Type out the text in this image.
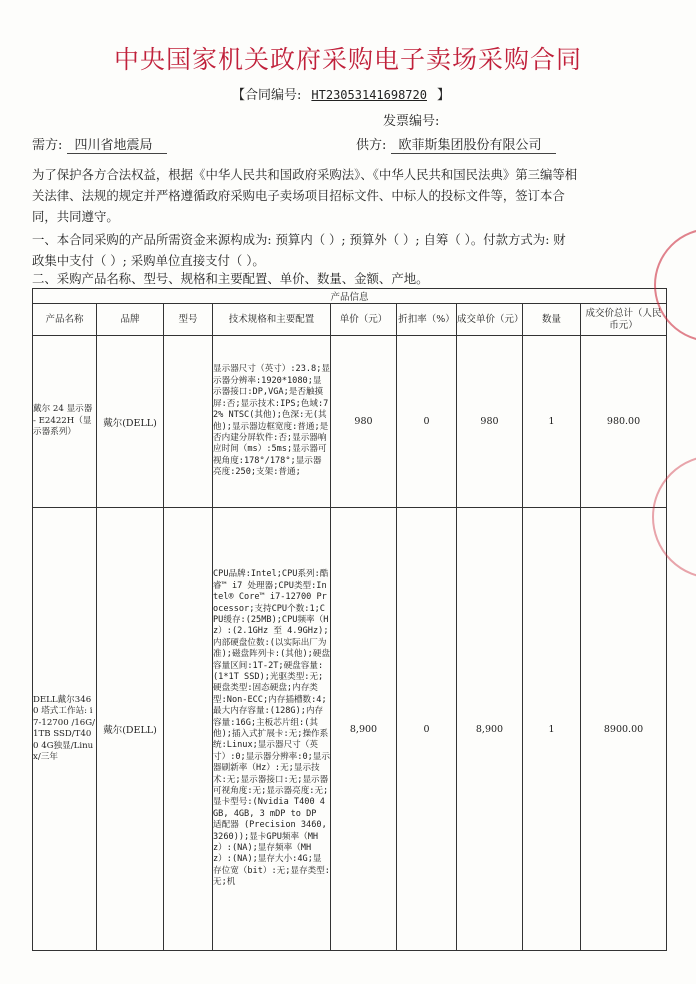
中央国家机关政府采购电子卖场采购合同
【合同编号: HT23053141698720 】
发票编号:
需方: 四川省地震局	供方: 欧菲斯集团股份有限公司
为了保护各方合法权益，根据《中华人民共和国政府采购法》、《中华人民共和国民法典》第三编等相
关法律、法规的规定并严格遵循政府采购电子卖场项目招标文件、中标人的投标文件等，签订本合
同，共同遵守。
一、本合同采购的产品所需资金来源构成为: 预算内（ ）; 预算外（ ）; 自筹（ ）。付款方式为: 财
政集中支付（ ）; 采购单位直接支付（ ）。
二、采购产品名称、型号、规格和主要配置、单价、数量、金额、产地。
产品信息								
产品名称	品牌	型号	技术规格和主要配置	单价（元）	折扣率（%）	成交单价（元）	数量	成交价总计（人民币元）
戴尔 24 显示器 - E2422H（显示器系列）	戴尔(DELL)		显示器尺寸（英寸）:23.8;显示器分辨率:1920*1080;显示器接口:DP,VGA;是否触摸屏:否;显示技术:IPS;色域:72% NTSC(其他);色深:无(其他);显示器边框宽度:普通;是否内建分屏软件:否;显示器响应时间（ms）:5ms;显示器可视角度:178°/178°;显示器亮度:250;支架:普通;	980	0	980	1	980.00
DELL戴尔3460 塔式工作站: i7-12700 /16G/1TB SSD/T400 4G独显/Linux/三年	戴尔(DELL)		CPU品牌:Intel;CPU系列:酷睿™ i7 处理器;CPU类型:Intel® Core™ i7-12700 Processor;支持CPU个数:1;CPU缓存:(25MB);CPU频率（Hz）:(2.1GHz 至 4.9GHz);内部硬盘位数:(以实际出厂为准);磁盘阵列卡:(其他);硬盘容量区间:1T-2T;硬盘容量:(1*1T SSD);光驱类型:无;硬盘类型:固态硬盘;内存类型:Non-ECC;内存插槽数:4;最大内存容量:(128G);内存容量:16G;主板芯片组:(其他);插入式扩展卡:无;操作系统:Linux;显示器尺寸（英寸）:0;显示器分辨率:0;显示器刷新率（Hz）:无;显示技术:无;显示器接口:无;显示器可视角度:无;显示器亮度:无;显卡型号:(Nvidia T400 4GB, 4GB, 3 mDP to DP 适配器 (Precision 3460, 3260));显卡GPU频率（MHz）:(NA);显存频率（MHz）:(NA);显存大小:4G;显存位宽（bit）:无;显存类型:无;机	8,900	0	8,900	1	8900.00
